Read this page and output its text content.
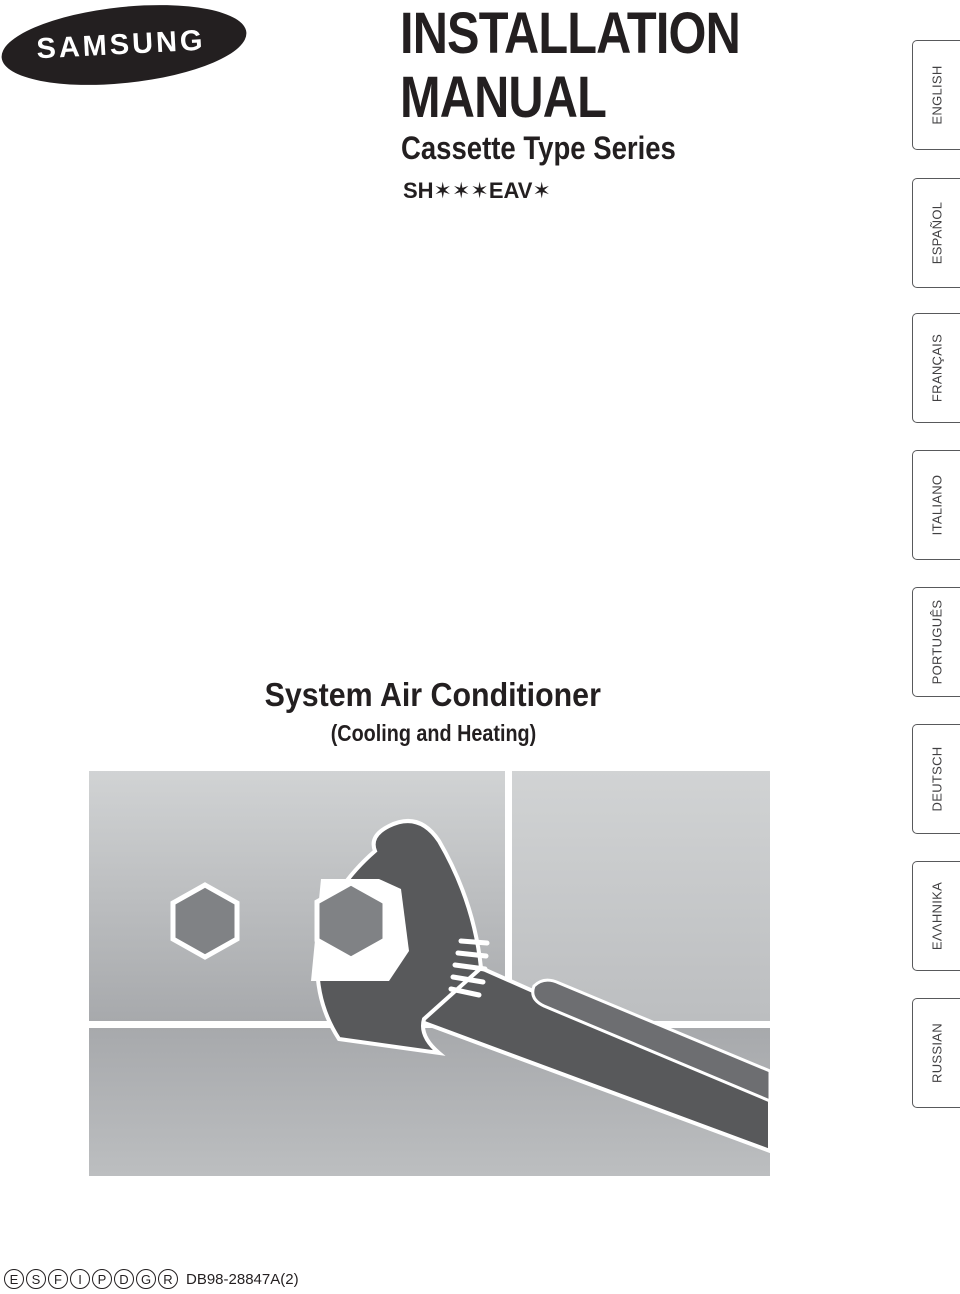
SAMSUNG	INSTALLATION
MANUAL
Cassette Type Series
SH✶✶✶EAV✶
System Air Conditioner
(Cooling and Heating)
ENGLISH
ESPAÑOL
FRANÇAIS
ITALIANO
PORTUGUÊS
DEUTSCH
ΕΛΛΗΝΙΚΑ
RUSSIAN
E	S	F	I	P D G R DB98-28847A(2)
